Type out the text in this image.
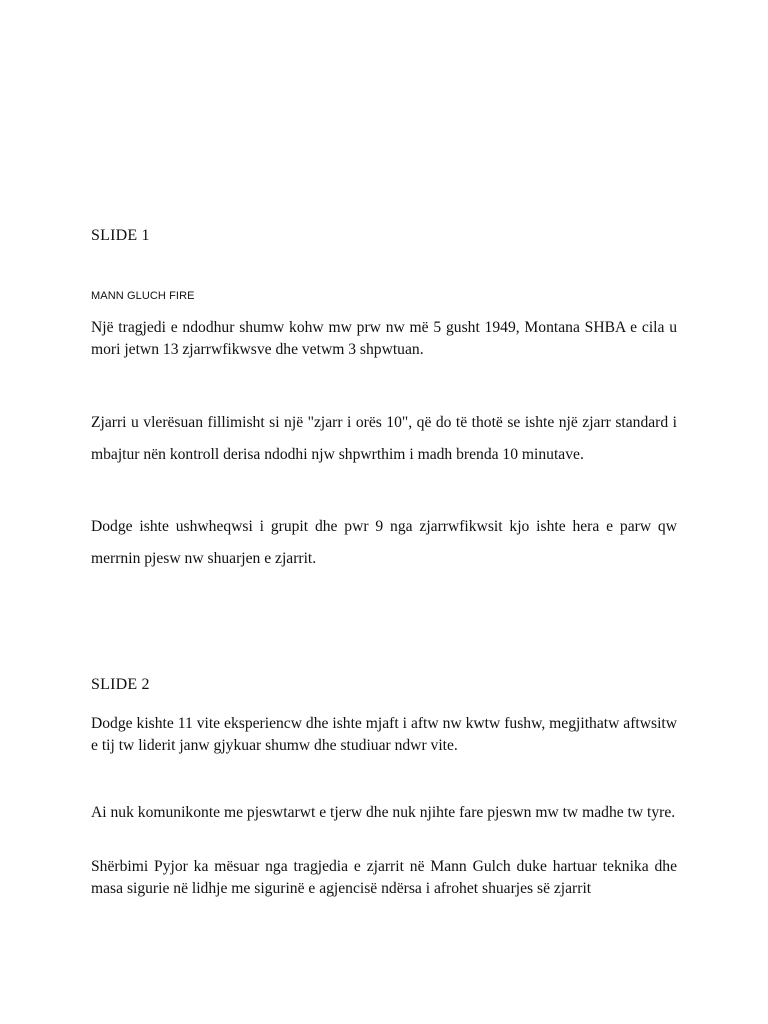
SLIDE 1
MANN GLUCH FIRE

Një tragjedi e ndodhur shumw kohw mw prw nw më 5 gusht 1949, Montana SHBA e cila u mori jetwn 13 zjarrwfikwsve dhe vetwm 3 shpwtuan.

Zjarri u vlerësuan fillimisht si një "zjarr i orës 10", që do të thotë se ishte një zjarr standard i mbajtur nën kontroll derisa ndodhi njw shpwrthim i madh brenda 10 minutave.

Dodge ishte ushwheqwsi i grupit dhe pwr 9 nga zjarrwfikwsit kjo ishte hera e parw qw merrnin pjesw nw shuarjen e zjarrit.

SLIDE 2

Dodge kishte 11 vite eksperiencw dhe ishte mjaft i aftw nw kwtw fushw, megjithatw aftwsitw e tij tw liderit janw gjykuar shumw dhe studiuar ndwr vite.

Ai nuk komunikonte me pjeswtarwt e tjerw dhe nuk njihte fare pjeswn mw tw madhe tw tyre.

Shërbimi Pyjor ka mësuar nga tragjedia e zjarrit në Mann Gulch duke hartuar teknika dhe masa sigurie në lidhje me sigurinë e agjencisë ndërsa i afrohet shuarjes së zjarrit
